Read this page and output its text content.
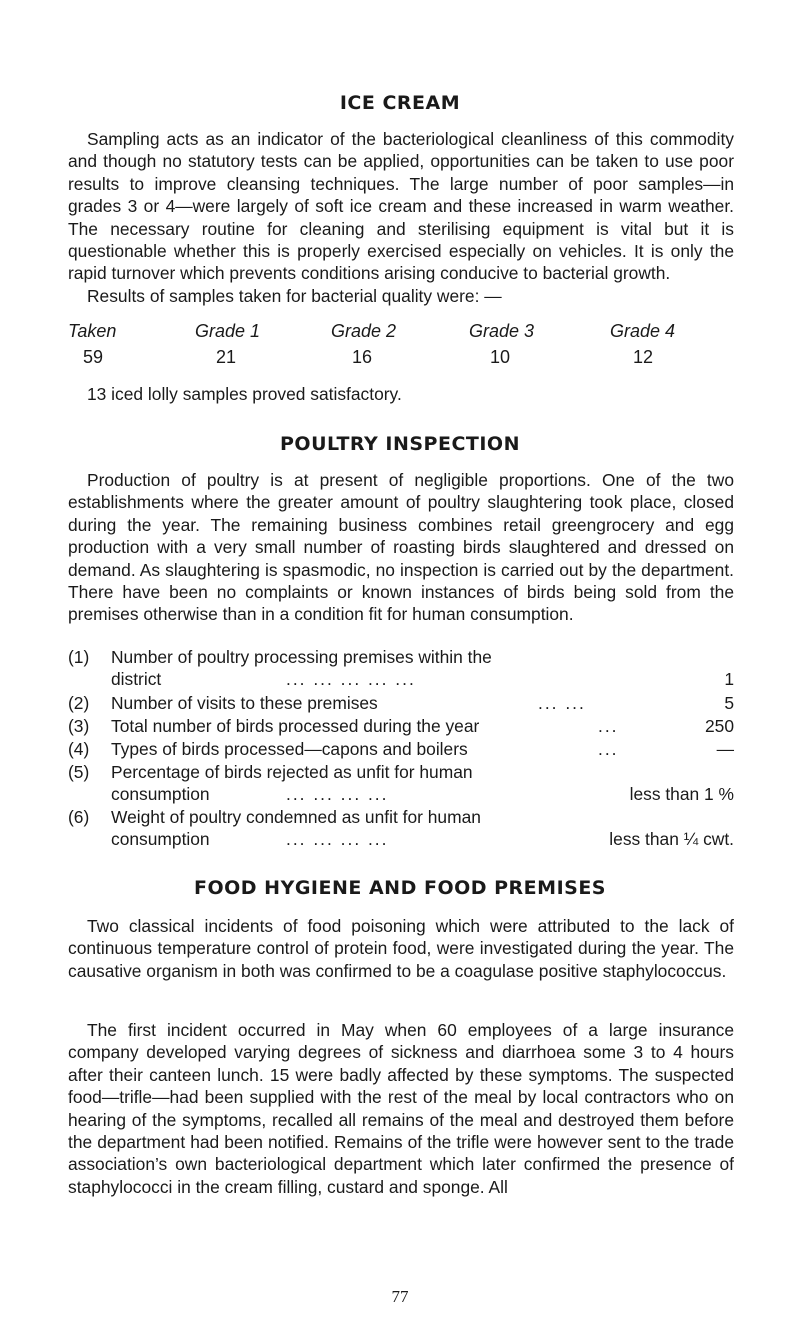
ICE CREAM

Sampling acts as an indicator of the bacteriological cleanliness of this commodity and though no statutory tests can be applied, opportunities can be taken to use poor results to improve cleansing techniques. The large number of poor samples—in grades 3 or 4—were largely of soft ice cream and these increased in warm weather. The necessary routine for cleaning and sterilising equipment is vital but it is questionable whether this is properly exercised especially on vehicles. It is only the rapid turnover which prevents conditions arising conducive to bacterial growth.

Results of samples taken for bacterial quality were: —

Taken	Grade 1	Grade 2	Grade 3	Grade 4
59	21	16	10	12

13 iced lolly samples proved satisfactory.

POULTRY INSPECTION

Production of poultry is at present of negligible proportions. One of the two establishments where the greater amount of poultry slaughtering took place, closed during the year. The remaining business combines retail greengrocery and egg production with a very small number of roasting birds slaughtered and dressed on demand. As slaughtering is spasmodic, no inspection is carried out by the department. There have been no complaints or known instances of birds being sold from the premises otherwise than in a condition fit for human consumption.

(1) Number of poultry processing premises within the
district	... ... ... ... ...	1
(2) Number of visits to these premises	... ...	5
(3) Total number of birds processed during the year	...	250
(4) Types of birds processed—capons and boilers	...	—
(5) Percentage of birds rejected as unfit for human
consumption	... ... ... ...	less than 1 %
(6) Weight of poultry condemned as unfit for human
consumption	... ... ... ...	less than ¼ cwt.
FOOD HYGIENE AND FOOD PREMISES

Two classical incidents of food poisoning which were attributed to the lack of continuous temperature control of protein food, were investigated during the year. The causative organism in both was confirmed to be a coagulase positive staphylococcus.

The first incident occurred in May when 60 employees of a large insurance company developed varying degrees of sickness and diarrhoea some 3 to 4 hours after their canteen lunch. 15 were badly affected by these symptoms. The suspected food—trifle—had been supplied with the rest of the meal by local contractors who on hearing of the symptoms, recalled all remains of the meal and destroyed them before the department had been notified. Remains of the trifle were however sent to the trade association’s own bacteriological department which later confirmed the presence of staphylococci in the cream filling, custard and sponge. All

77
